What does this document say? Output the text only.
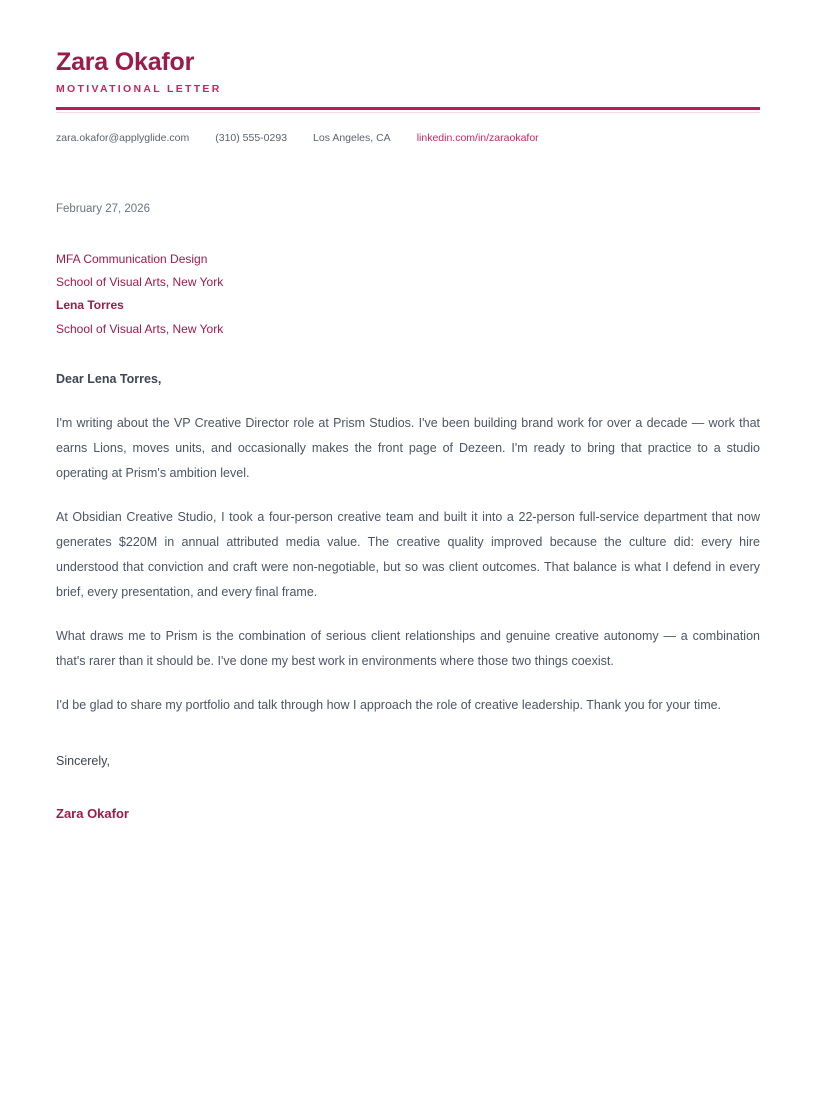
Zara Okafor
MOTIVATIONAL LETTER
zara.okafor@applyglide.com (310) 555-0293 Los Angeles, CA linkedin.com/in/zaraokafor
February 27, 2026
MFA Communication Design
School of Visual Arts, New York
Lena Torres
School of Visual Arts, New York
Dear Lena Torres,

I'm writing about the VP Creative Director role at Prism Studios. I've been building brand work for over a decade — work that earns Lions, moves units, and occasionally makes the front page of Dezeen. I'm ready to bring that practice to a studio operating at Prism's ambition level.

At Obsidian Creative Studio, I took a four-person creative team and built it into a 22-person full-service department that now generates $220M in annual attributed media value. The creative quality improved because the culture did: every hire understood that conviction and craft were non-negotiable, but so was client outcomes. That balance is what I defend in every brief, every presentation, and every final frame.

What draws me to Prism is the combination of serious client relationships and genuine creative autonomy — a combination that's rarer than it should be. I've done my best work in environments where those two things coexist.

I'd be glad to share my portfolio and talk through how I approach the role of creative leadership. Thank you for your time.

Sincerely,
Zara Okafor
